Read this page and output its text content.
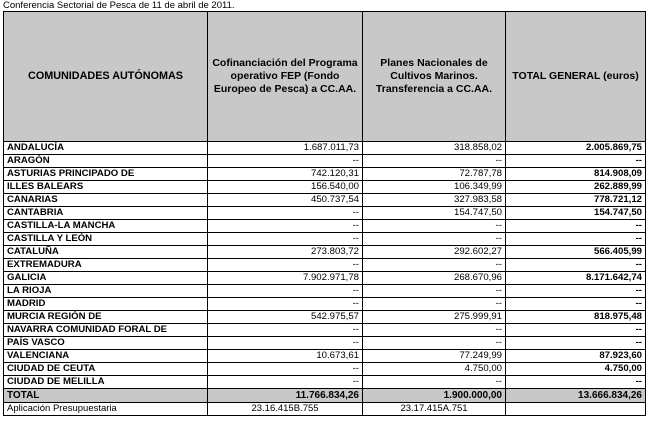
Conferencia Sectorial de Pesca de 11 de abril de 2011.
COMUNIDADES AUTÓNOMAS	Cofinanciación del Programa operativo FEP (Fondo Europeo de Pesca) a CC.AA.	Planes Nacionales de Cultivos Marinos. Transferencia a CC.AA.	TOTAL GENERAL (euros)
ANDALUCÍA	1.687.011,73	318.858,02	2.005.869,75
ARAGÓN	--	--	--
ASTURIAS PRINCIPADO DE	742.120,31	72.787,78	814.908,09
ILLES BALEARS	156.540,00	106.349,99	262.889,99
CANARIAS	450.737,54	327.983,58	778.721,12
CANTABRIA	--	154.747,50	154.747,50
CASTILLA-LA MANCHA	--	--	--
CASTILLA Y LEÓN	--	--	--
CATALUÑA	273.803,72	292.602,27	566.405,99
EXTREMADURA	--	--	--
GALICIA	7.902.971,78	268.670,96	8.171.642,74
LA RIOJA	--	--	--
MADRID	--	--	--
MURCIA REGIÓN DE	542.975,57	275.999,91	818.975,48
NAVARRA COMUNIDAD FORAL DE	--	--	--
PAÍS VASCO	--	--	--
VALENCIANA	10.673,61	77.249,99	87.923,60
CIUDAD DE CEUTA	--	4.750,00	4.750,00
CIUDAD DE MELILLA	--	--	--
TOTAL	11.766.834,26	1.900.000,00	13.666.834,26
Aplicación Presupuestaria	23.16.415B.755	23.17.415A.751	
